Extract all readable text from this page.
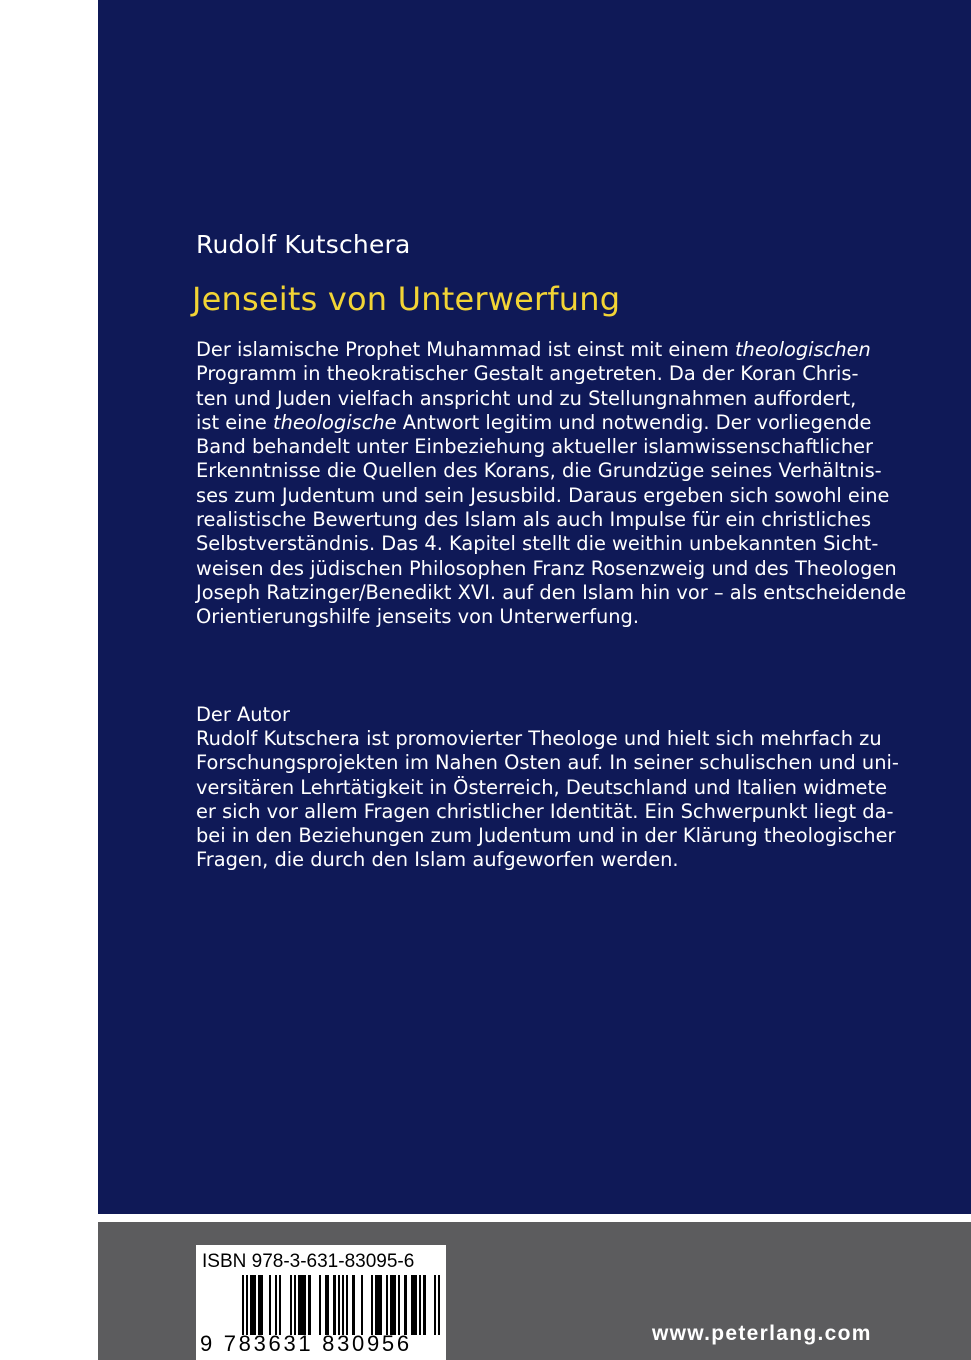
Rudolf Kutschera
Jenseits von Unterwerfung
Der islamische Prophet Muhammad ist einst mit einem theologischen
Programm in theokratischer Gestalt angetreten. Da der Koran Chris-
ten und Juden vielfach anspricht und zu Stellungnahmen auffordert,
ist eine theologische Antwort legitim und notwendig. Der vorliegende
Band behandelt unter Einbeziehung aktueller islamwissenschaftlicher
Erkenntnisse die Quellen des Korans, die Grundzüge seines Verhältnis-
ses zum Judentum und sein Jesusbild. Daraus ergeben sich sowohl eine
realistische Bewertung des Islam als auch Impulse für ein christliches
Selbstverständnis. Das 4. Kapitel stellt die weithin unbekannten Sicht-
weisen des jüdischen Philosophen Franz Rosenzweig und des Theologen
Joseph Ratzinger/Benedikt XVI. auf den Islam hin vor – als entscheidende
Orientierungshilfe jenseits von Unterwerfung.
Der Autor
Rudolf Kutschera ist promovierter Theologe und hielt sich mehrfach zu
Forschungsprojekten im Nahen Osten auf. In seiner schulischen und uni-
versitären Lehrtätigkeit in Österreich, Deutschland und Italien widmete
er sich vor allem Fragen christlicher Identität. Ein Schwerpunkt liegt da-
bei in den Beziehungen zum Judentum und in der Klärung theologischer
Fragen, die durch den Islam aufgeworfen werden.
ISBN 978-3-631-83095-6
9 783631 830956	www.peterlang.com
